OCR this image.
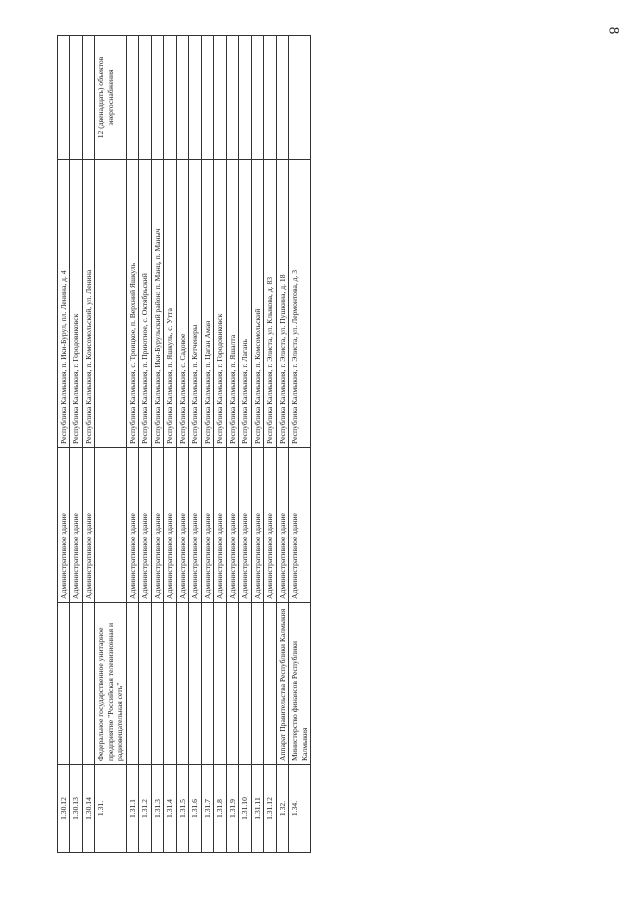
8
1.30.12		Административное здание	Республика Калмыкия, п. Ики-Бурул, пл. Ленина, д. 4	
1.30.13		Административное здание	Республика Калмыкия, г. Городовиковск	
1.30.14		Административное здание	Республика Калмыкия, п. Комсомольский, ул. Ленина	
1.31.	Федеральное государственное унитарное предприятие "Российская телевизионная и радиовещательная сеть"			12 (двенадцать) объектов энергоснабжения
1.31.1		Административное здание	Республика Калмыкия, с. Троицкое, п. Верхний Яшкуль	
1.31.2		Административное здание	Республика Калмыкия, п. Приютное, с. Октябрьский	
1.31.3		Административное здание	Республика Калмыкия, Ики-Бурульский район: п. Манц, п. Маныч	
1.31.4		Административное здание	Республика Калмыкия, п. Яшкуль, с. Утта	
1.31.5		Административное здание	Республика Калмыкия, с. Садовое	
1.31.6		Административное здание	Республика Калмыкия, п. Кетченеры	
1.31.7		Административное здание	Республика Калмыкия, п. Цаган Аман	
1.31.8		Административное здание	Республика Калмыкия, г. Городовиковск	
1.31.9		Административное здание	Республика Калмыкия, п. Яшалта	
1.31.10		Административное здание	Республика Калмыкия, г. Лагань	
1.31.11		Административное здание	Республика Калмыкия, п. Комсомольский	
1.31.12		Административное здание	Республика Калмыкия, г. Элиста, ул. Клыкова, д. 83	
1.32.	Аппарат Правительства Республики Калмыкия	Административное здание	Республика Калмыкия, г. Элиста, ул. Пушкина, д. 18	
1.34.	Министерство финансов Республики Калмыкия	Административное здание	Республика Калмыкия, г. Элиста, ул. Лермонтова, д. 3	
